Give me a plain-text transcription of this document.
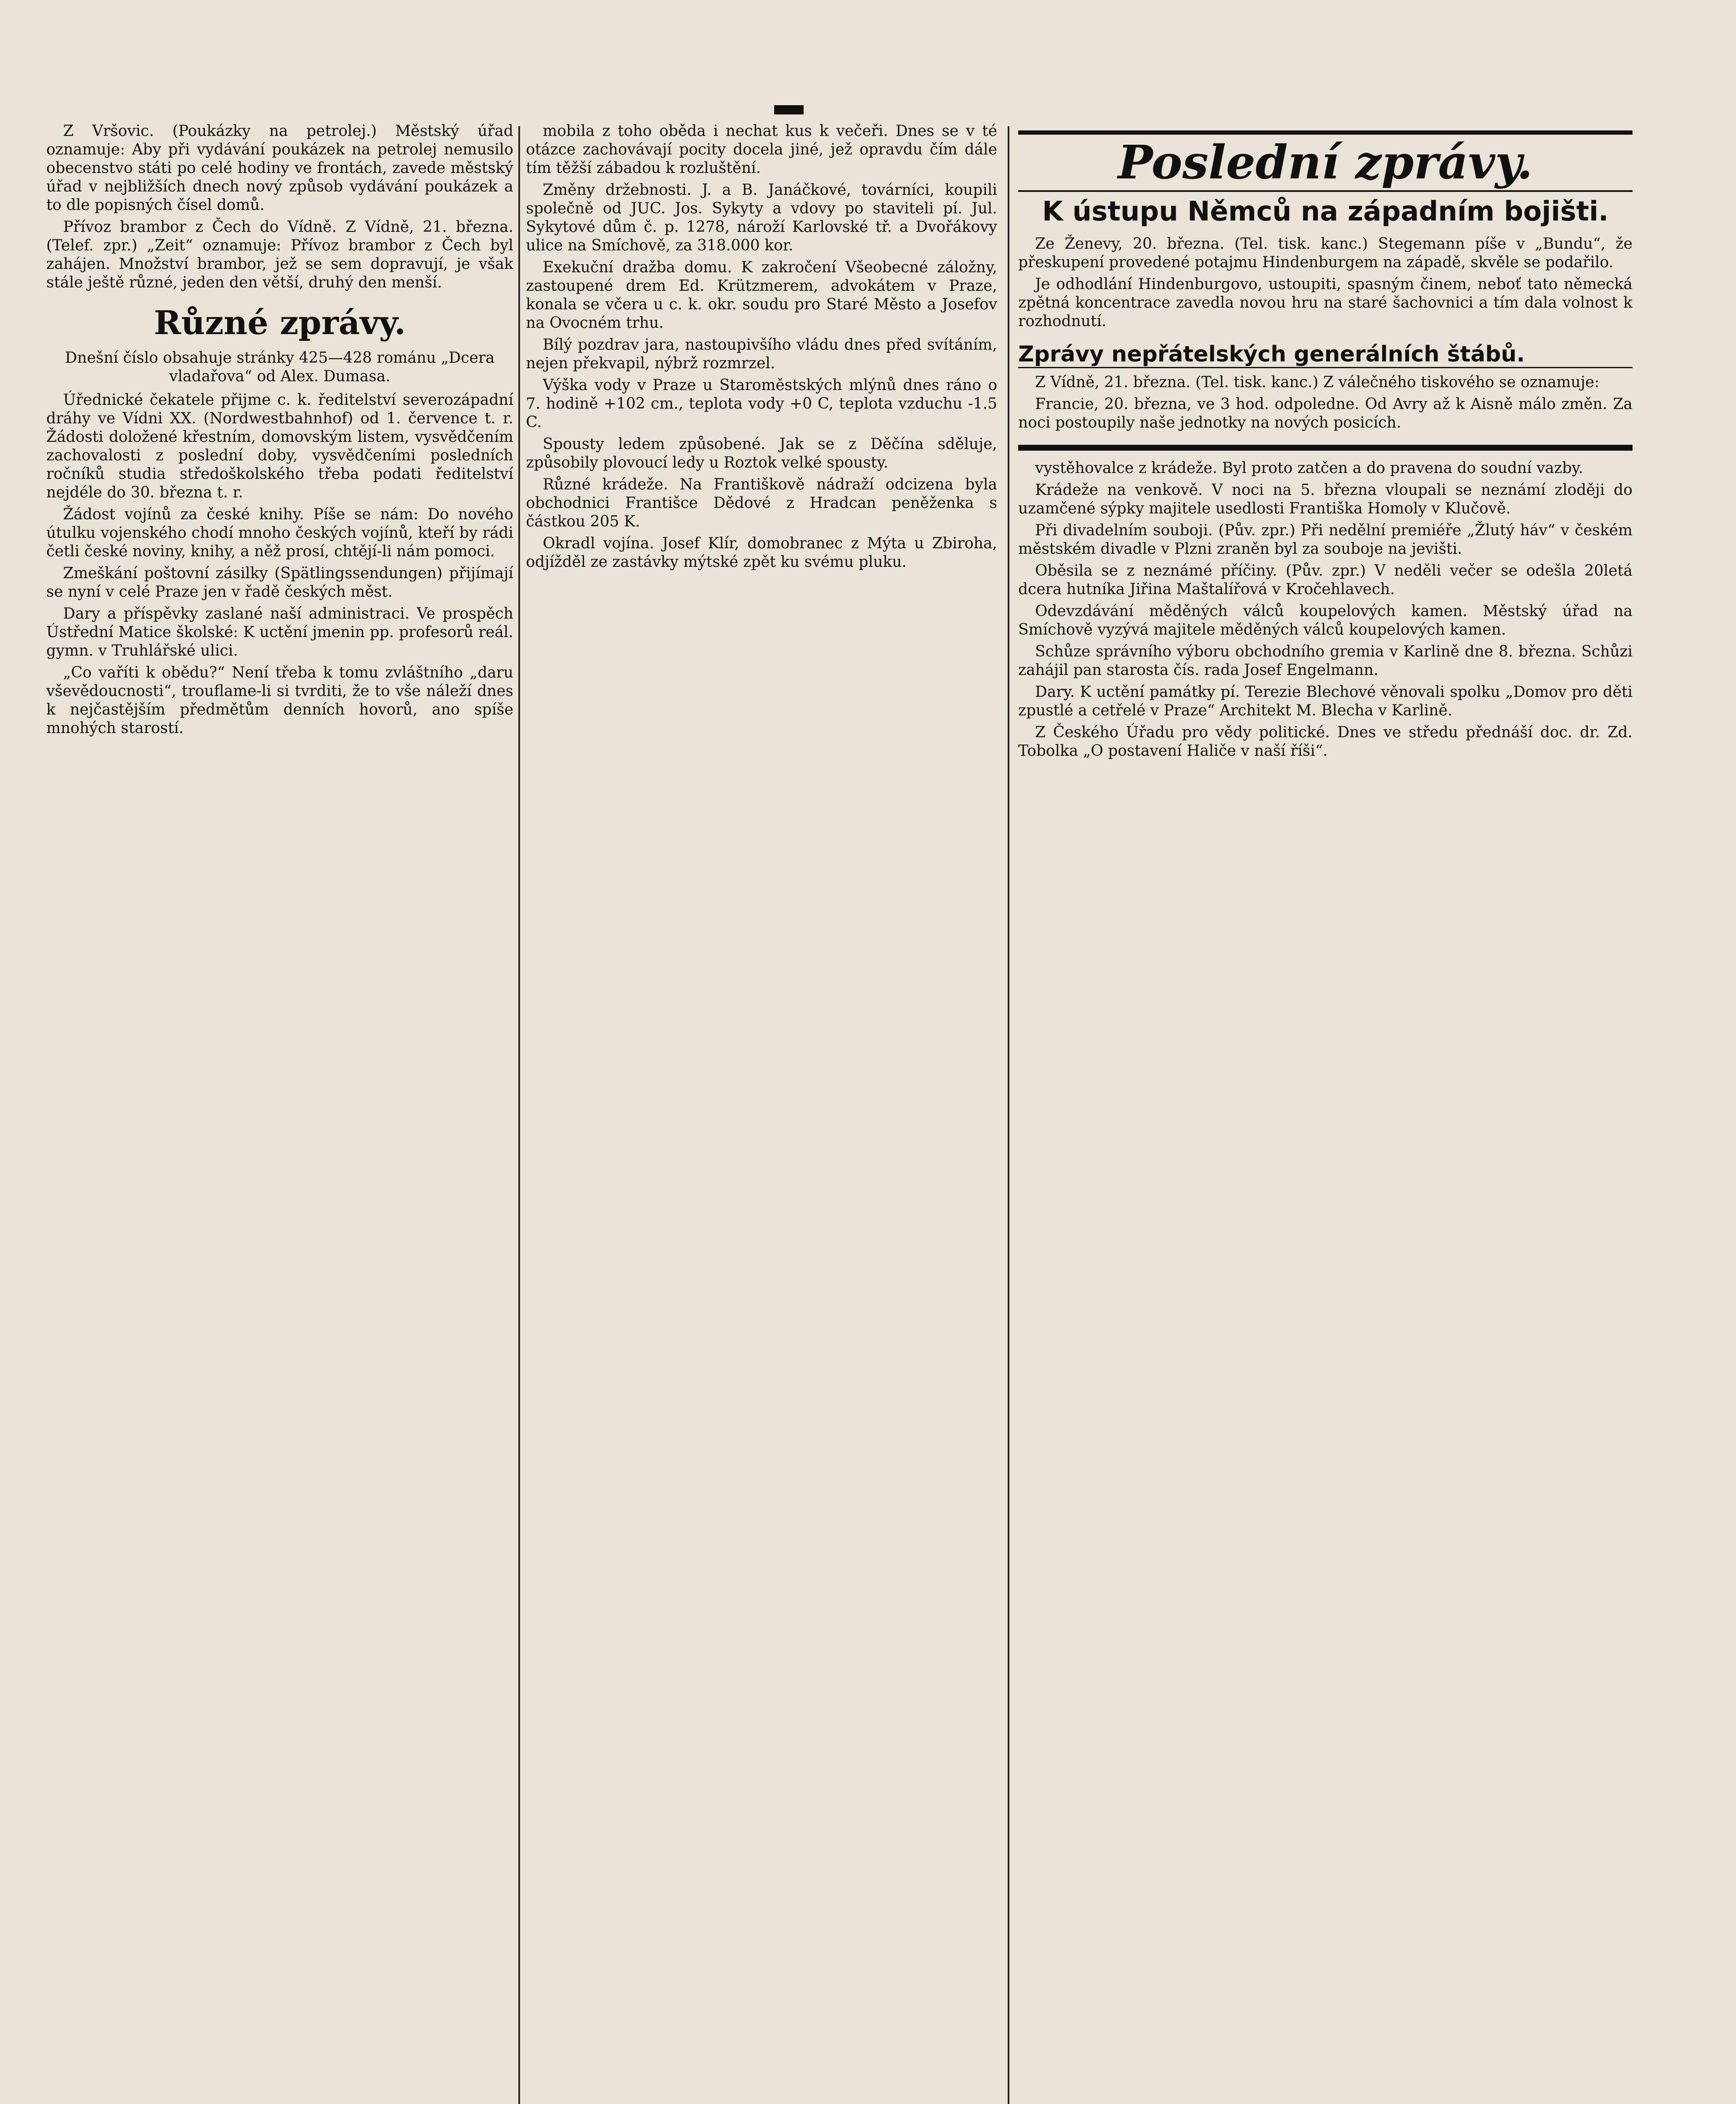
Z Vršovic. (Poukázky na petrolej.) Městský úřad oznamuje: Aby při vydávání poukázek na petrolej nemusilo obecenstvo státi po celé hodiny ve frontách, zavede městský úřad v nejbližších dnech nový způsob vydávání poukázek a to dle popisných čísel domů.

Přívoz brambor z Čech do Vídně. Z Vídně, 21. března. (Telef. zpr.) „Zeit“ oznamuje: Přívoz brambor z Čech byl zahájen. Množství brambor, jež se sem dopravují, je však stále ještě různé, jeden den větší, druhý den menší.

Různé zprávy.

Dnešní číslo obsahuje stránky 425—428 románu „Dcera vladařova“ od Alex. Dumasa.

Úřednické čekatele přijme c. k. ředitelství severozápadní dráhy ve Vídni XX. (Nordwestbahnhof) od 1. července t. r. Žádosti doložené křestním, domovským listem, vysvědčením zachovalosti z poslední doby, vysvědčeními posledních ročníků studia středoškolského třeba podati ředitelství nejdéle do 30. března t. r.

Žádost vojínů za české knihy. Píše se nám: Do nového útulku vojenského chodí mnoho českých vojínů, kteří by rádi četli české noviny, knihy, a něž prosí, chtějí-li nám pomoci.

Zmeškání poštovní zásilky (Spätlingssendungen) přijímají se nyní v celé Praze jen v řadě českých měst.

Dary a příspěvky zaslané naší administraci. Ve prospěch Ústřední Matice školské: K uctění jmenin pp. profesorů reál. gymn. v Truhlářské ulici.

„Co vaříti k obědu?“ Není třeba k tomu zvláštního „daru vševědoucnosti“, trouflame-li si tvrditi, že to vše náleží dnes k nejčastějším předmětům denních hovorů, ano spíše mnohých starostí.

mobila z toho oběda i nechat kus k večeři. Dnes se v té otázce zachovávají pocity docela jiné, jež opravdu čím dále tím těžší zábadou k rozluštění.

Změny držebnosti. J. a B. Janáčkové, továrníci, koupili společně od JUC. Jos. Sykyty a vdovy po staviteli pí. Jul. Sykytové dům č. p. 1278, nároží Karlovské tř. a Dvořákovy ulice na Smíchově, za 318.000 kor.

Exekuční dražba domu. K zakročení Všeobecné záložny, zastoupené drem Ed. Krützmerem, advokátem v Praze, konala se včera u c. k. okr. soudu pro Staré Město a Josefov na Ovocném trhu.

Bílý pozdrav jara, nastoupivšího vládu dnes před svítáním, nejen překvapil, nýbrž rozmrzel.

Výška vody v Praze u Staroměstských mlýnů dnes ráno o 7. hodině +102 cm., teplota vody +0 C, teplota vzduchu -1.5 C.

Spousty ledem způsobené. Jak se z Děčína sděluje, způsobily plovoucí ledy u Roztok velké spousty.

Různé krádeže. Na Františkově nádraží odcizena byla obchodnici Františce Dědové z Hradcan peněženka s částkou 205 K.

Okradl vojína. Josef Klír, domobranec z Mýta u Zbiroha, odjížděl ze zastávky mýtské zpět ku svému pluku.

Poslední zprávy.
K ústupu Němců na západním bojišti.

Ze Ženevy, 20. března. (Tel. tisk. kanc.) Stegemann píše v „Bundu“, že přeskupení provedené potajmu Hindenburgem na západě, skvěle se podařilo.

Je odhodlání Hindenburgovo, ustoupiti, spasným činem, neboť tato německá zpětná koncentrace zavedla novou hru na staré šachovnici a tím dala volnost k rozhodnutí.

Zprávy nepřátelských generálních štábů.

Z Vídně, 21. března. (Tel. tisk. kanc.) Z válečného tiskového se oznamuje:

Francie, 20. března, ve 3 hod. odpoledne. Od Avry až k Aisně málo změn. Za noci postoupily naše jednotky na nových posicích.

vystěhovalce z krádeže. Byl proto zatčen a do pravena do soudní vazby.

Krádeže na venkově. V noci na 5. března vloupali se neznámí zloději do uzamčené sýpky majitele usedlosti Františka Homoly v Klučově.

Při divadelním souboji. (Pův. zpr.) Při nedělní premiéře „Žlutý háv“ v českém městském divadle v Plzni zraněn byl za souboje na jevišti.

Oběsila se z neznámé příčiny. (Pův. zpr.) V neděli večer se odešla 20letá dcera hutníka Jiřina Maštalířová v Kročehlavech.

Odevzdávání měděných válců koupelových kamen. Městský úřad na Smíchově vyzývá majitele měděných válců koupelových kamen.

Schůze správního výboru obchodního gremia v Karlině dne 8. března. Schůzi zahájil pan starosta čís. rada Josef Engelmann.

Dary. K uctění památky pí. Terezie Blechové věnovali spolku „Domov pro děti zpustlé a cetřelé v Praze“ Architekt M. Blecha v Karlině.

Z Českého Úřadu pro vědy politické. Dnes ve středu přednáší doc. dr. Zd. Tobolka „O postavení Haliče v naší říši“.
